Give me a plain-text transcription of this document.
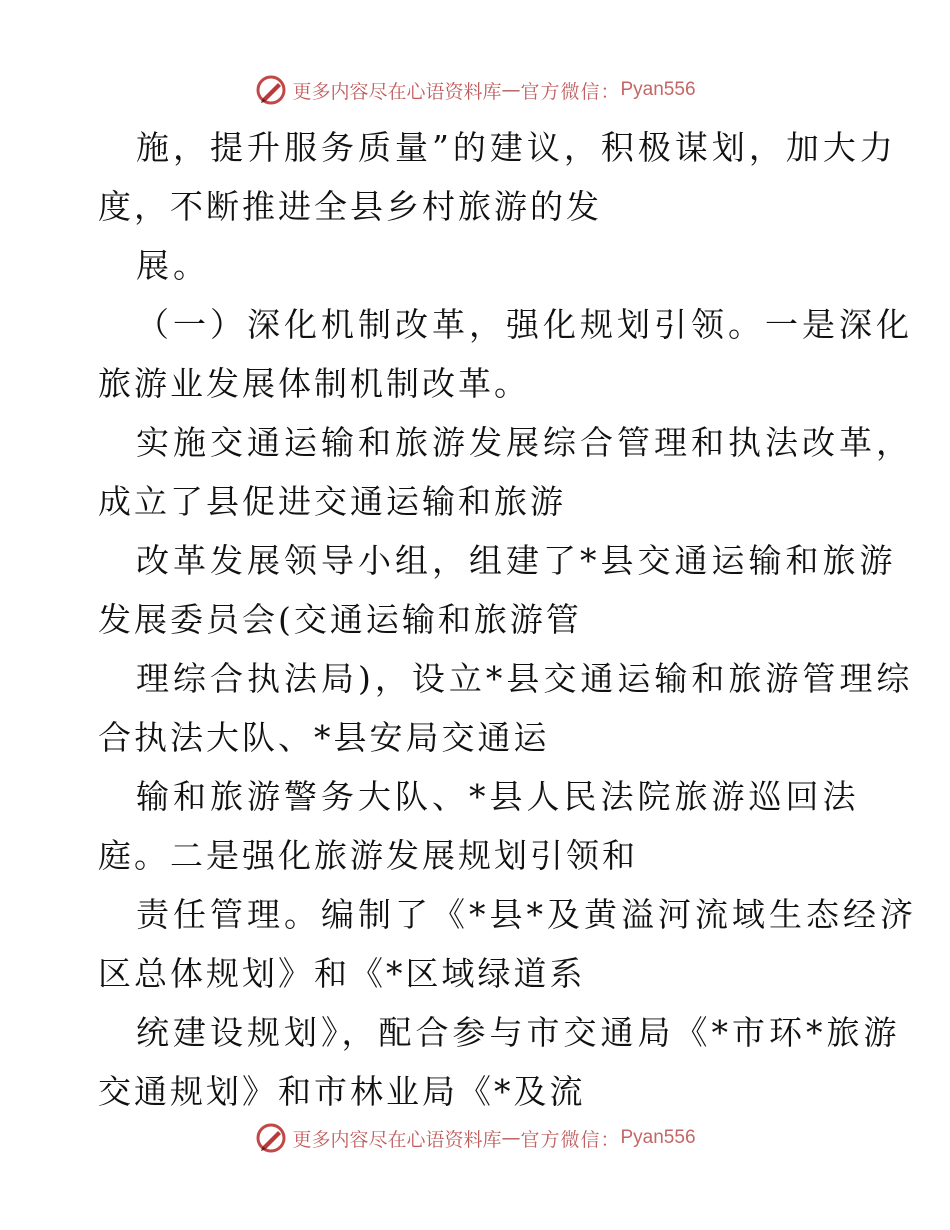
更多内容尽在心语资料库 — 官方微信： Pyan556
施，提升服务质量”的建议，积极谋划，加大力
度，不断推进全县乡村旅游的发
展。
（一）深化机制改革，强化规划引领。一是深化
旅游业发展体制机制改革。
实施交通运输和旅游发展综合管理和执法改革，
成立了县促进交通运输和旅游
改革发展领导小组，组建了*县交通运输和旅游
发展委员会(交通运输和旅游管
理综合执法局)，设立*县交通运输和旅游管理综
合执法大队、*县安局交通运
输和旅游警务大队、*县人民法院旅游巡回法
庭。二是强化旅游发展规划引领和
责任管理。编制了《*县*及黄溢河流域生态经济
区总体规划》和《*区域绿道系
统建设规划》，配合参与市交通局《*市环*旅游
交通规划》和市林业局《*及流
更多内容尽在心语资料库 — 官方微信： Pyan556
